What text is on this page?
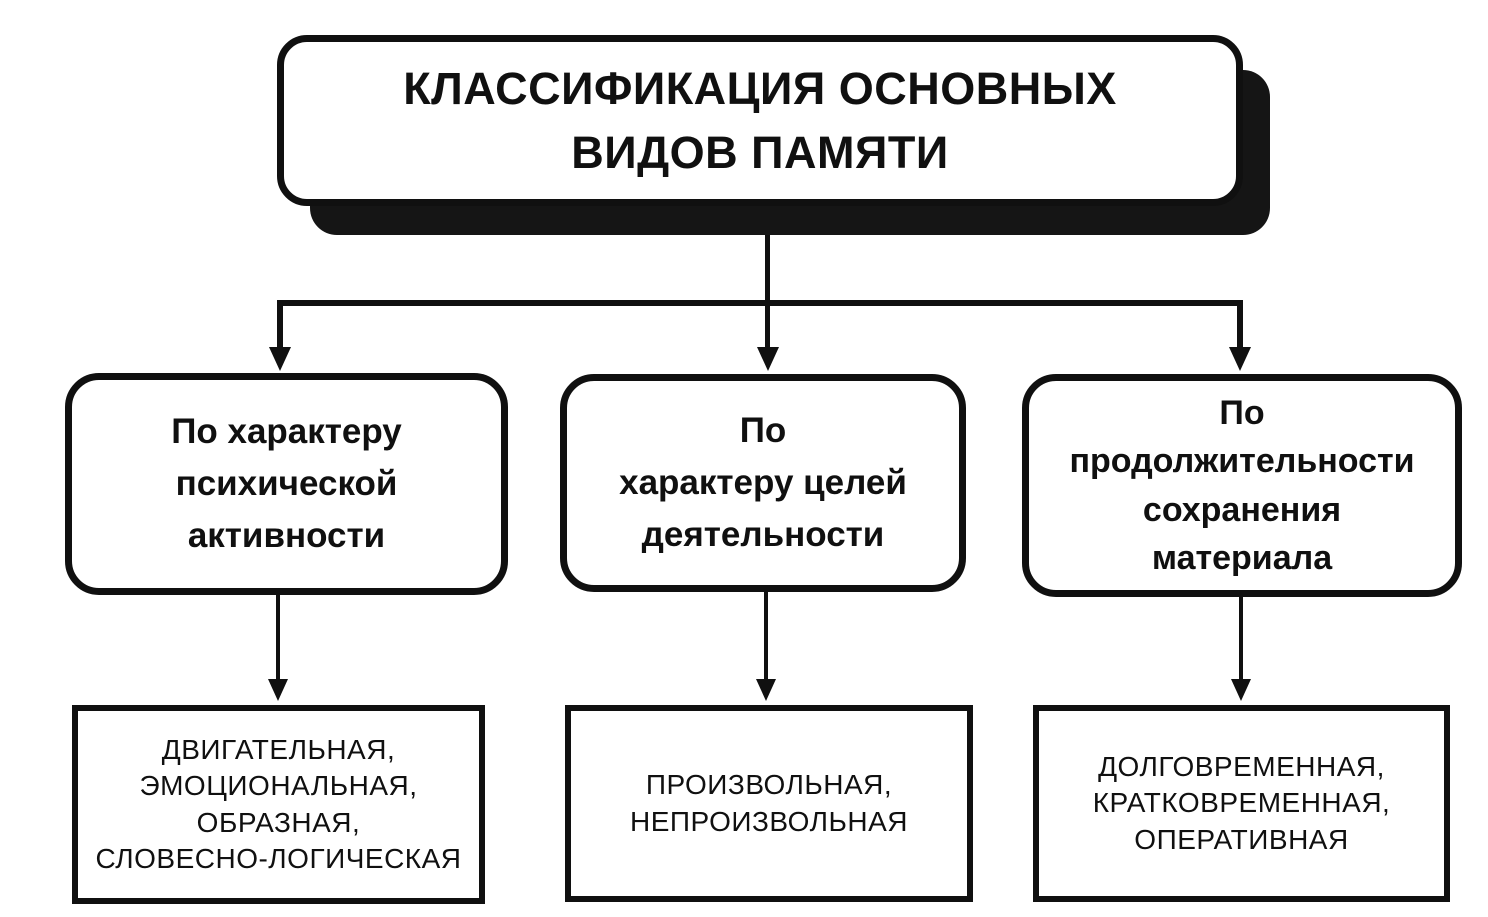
КЛАССИФИКАЦИЯ ОСНОВНЫХ
ВИДОВ ПАМЯТИ
По характеру
психической
активности
По
характеру целей
деятельности
По
продолжительности
сохранения
материала
ДВИГАТЕЛЬНАЯ,
ЭМОЦИОНАЛЬНАЯ,
ОБРАЗНАЯ,
СЛОВЕСНО-ЛОГИЧЕСКАЯ
ПРОИЗВОЛЬНАЯ,
НЕПРОИЗВОЛЬНАЯ
ДОЛГОВРЕМЕННАЯ,
КРАТКОВРЕМЕННАЯ,
ОПЕРАТИВНАЯ
